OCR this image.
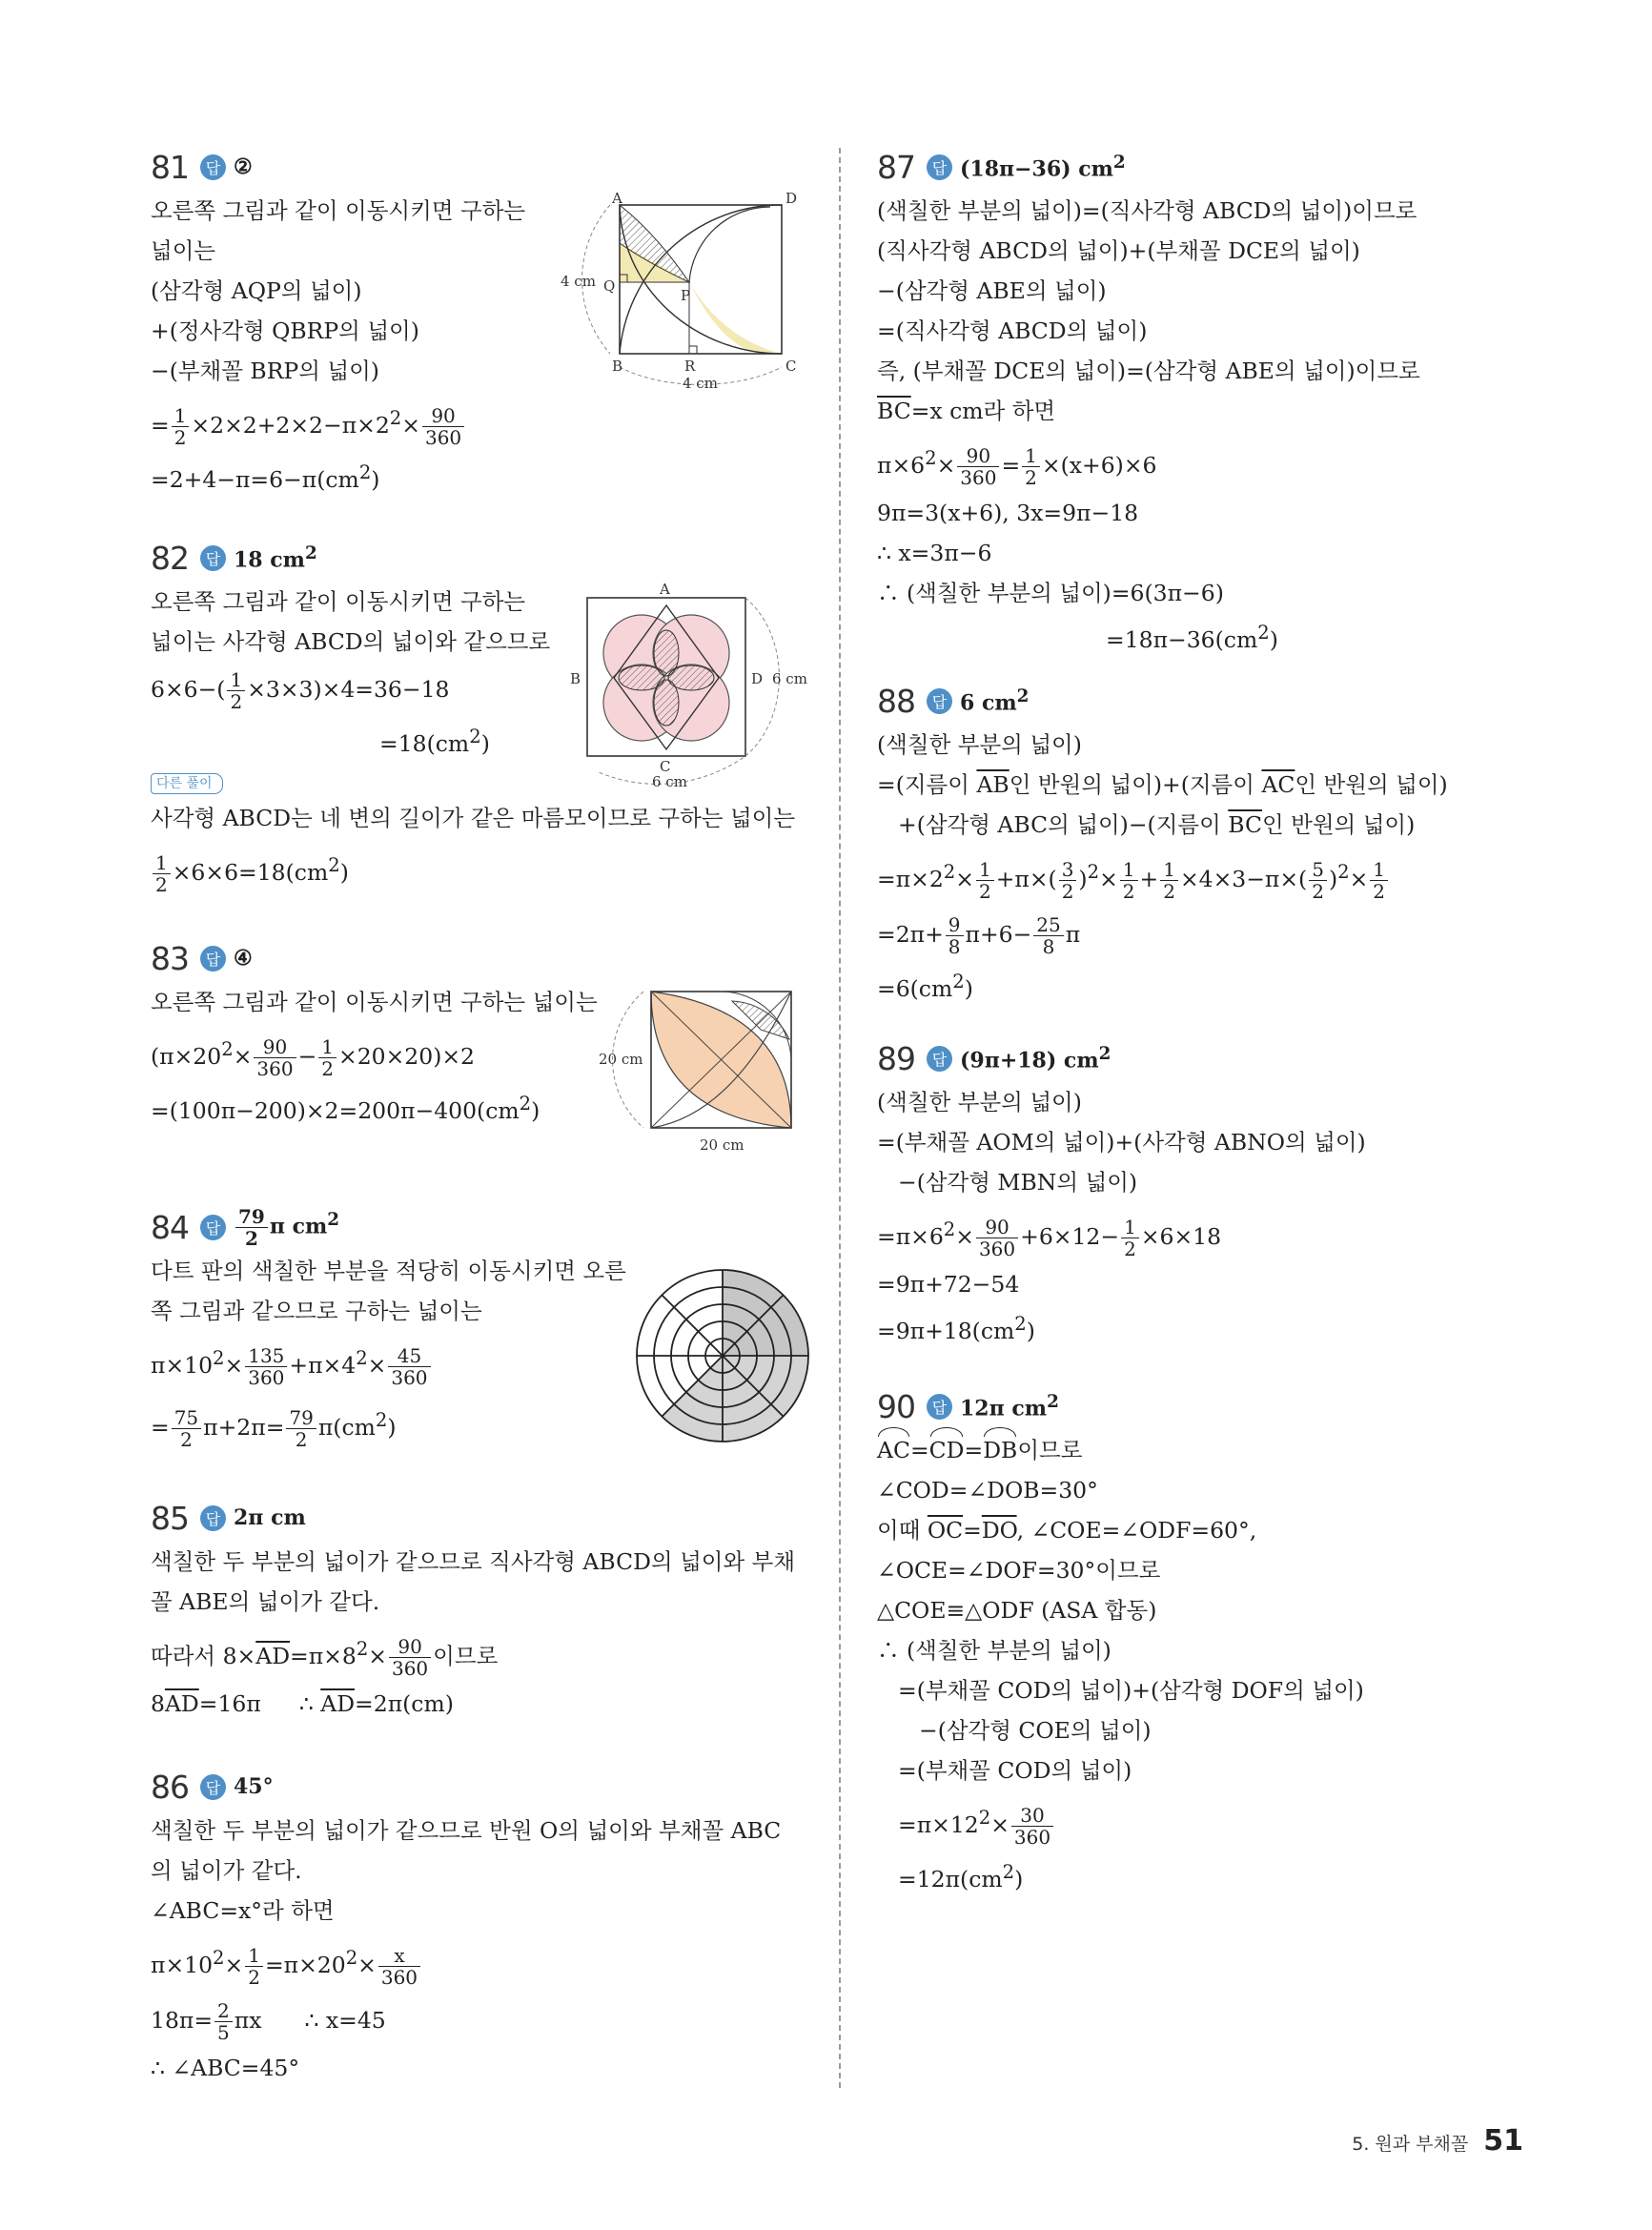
81	답 ②
오른쪽 그림과 같이 이동시키면 구하는
넓이는
(삼각형 AQP의 넓이)
+(정사각형 QBRP의 넓이)
−(부채꼴 BRP의 넓이)
= $\frac{1}{2} \times 2\times 2+2\times 2-\pi\times 2^2\times \frac{90}{360}$
$=2+4-\pi=6-\pi(cm^2)$
A	D
4 cm Q
P
B	R	C
4 cm
82	답 18 $cm^2$
오른쪽 그림과 같이 이동시키면 구하는
넓이는 사각형 ABCD의 넓이와 같으므로
$6\times 6-( \frac{1}{2} \times 3\times 3)\times 4=36-18$
$=18(cm^2)$
다른 풀이
사각형 ABCD는 네 변의 길이가 같은 마름모이므로 구하는 넓이는
$\frac{1}{2} \times 6\times 6=18(cm^2)$
A
B	D 6 cm
C
6 cm
83	답 ④
오른쪽 그림과 같이 이동시키면 구하는 넓이는
$(\pi\times 20^2\times \frac{90}{360} - \frac{1}{2} \times 20\times 20)\times 2$
$=(100\pi-200)\times 2=200\pi-400(cm^2)$
20 cm
20 cm
84	답 $\frac{79}{2}$ π $cm^2$
다트 판의 색칠한 부분을 적당히 이동시키면 오른
쪽 그림과 같으므로 구하는 넓이는
$\pi\times 10^2\times \frac{135}{360} +\pi\times 4^2\times \frac{45}{360}$
= $\frac{75}{2} \pi+2\pi= \frac{79}{2} \pi(cm^2)$
85	답 2π cm
색칠한 두 부분의 넓이가 같으므로 직사각형 ABCD의 넓이와 부채
꼴 ABE의 넓이가 같다.
따라서 $8\times\overline{AD}=\pi\times 8^2\times \frac{90}{360}$ 이므로
$8\overline{AD}=16\pi$ ∴ $\overline{AD}=2\pi(cm)$
86	답 45°
색칠한 두 부분의 넓이가 같으므로 반원 O의 넓이와 부채꼴 ABC
의 넓이가 같다.
∠ABC=x°라 하면
$\pi\times 10^2\times \frac{1}{2} =\pi\times 20^2\times \frac{x}{360}$
$18\pi= \frac{2}{5}$ πx ∴ x=45
∴ ∠ABC=45°
87	답 (18π−36) $cm^2$
(색칠한 부분의 넓이)=(직사각형 ABCD의 넓이)이므로
(직사각형 ABCD의 넓이)+(부채꼴 DCE의 넓이)
−(삼각형 ABE의 넓이)
=(직사각형 ABCD의 넓이)
즉, (부채꼴 DCE의 넓이)=(삼각형 ABE의 넓이)이므로
$\overline{BC}=x$ cm라 하면
$\pi\times 6^2\times \frac{90}{360} = \frac{1}{2} \times(x+6)\times 6$
9π=3(x+6), 3x=9π−18
∴ x=3π−6
∴ (색칠한 부분의 넓이)=6(3π−6)
$=18\pi-36(cm^2)$
88	답 6 $cm^2$
(색칠한 부분의 넓이)
=(지름이 $\overline{AB}$인 반원의 넓이)+(지름이 $\overline{AC}$인 반원의 넓이)
+(삼각형 ABC의 넓이)−(지름이 $\overline{BC}$인 반원의 넓이)
$=\pi\times 2^2\times \frac{1}{2} +\pi\times( \frac{3}{2} )^2\times \frac{1}{2} + \frac{1}{2} \times 4\times 3-\pi\times( \frac{5}{2} )^2\times \frac{1}{2}$
$=2\pi+ \frac{9}{8} \pi+6- \frac{25}{8}$ π
$=6(cm^2)$
89	답 (9π+18) $cm^2$
(색칠한 부분의 넓이)
=(부채꼴 AOM의 넓이)+(사각형 ABNO의 넓이)
−(삼각형 MBN의 넓이)
$=\pi\times 6^2\times \frac{90}{360} +6\times 12- \frac{1}{2} \times 6\times 18$
=9π+72−54
$=9\pi+18(cm^2)$
90	답 12π $cm^2$
AC=CD=DB이므로
∠COD=∠DOB=30°
이때 $\overline{OC}=\overline{DO}$, ∠COE=∠ODF=60°,
∠OCE=∠DOF=30°이므로
△COE≡△ODF (ASA 합동)
∴ (색칠한 부분의 넓이)
=(부채꼴 COD의 넓이)+(삼각형 DOF의 넓이)
−(삼각형 COE의 넓이)
=(부채꼴 COD의 넓이)
$=\pi\times 12^2\times \frac{30}{360}$
$=12\pi(cm^2)$
5. 원과 부채꼴 51
